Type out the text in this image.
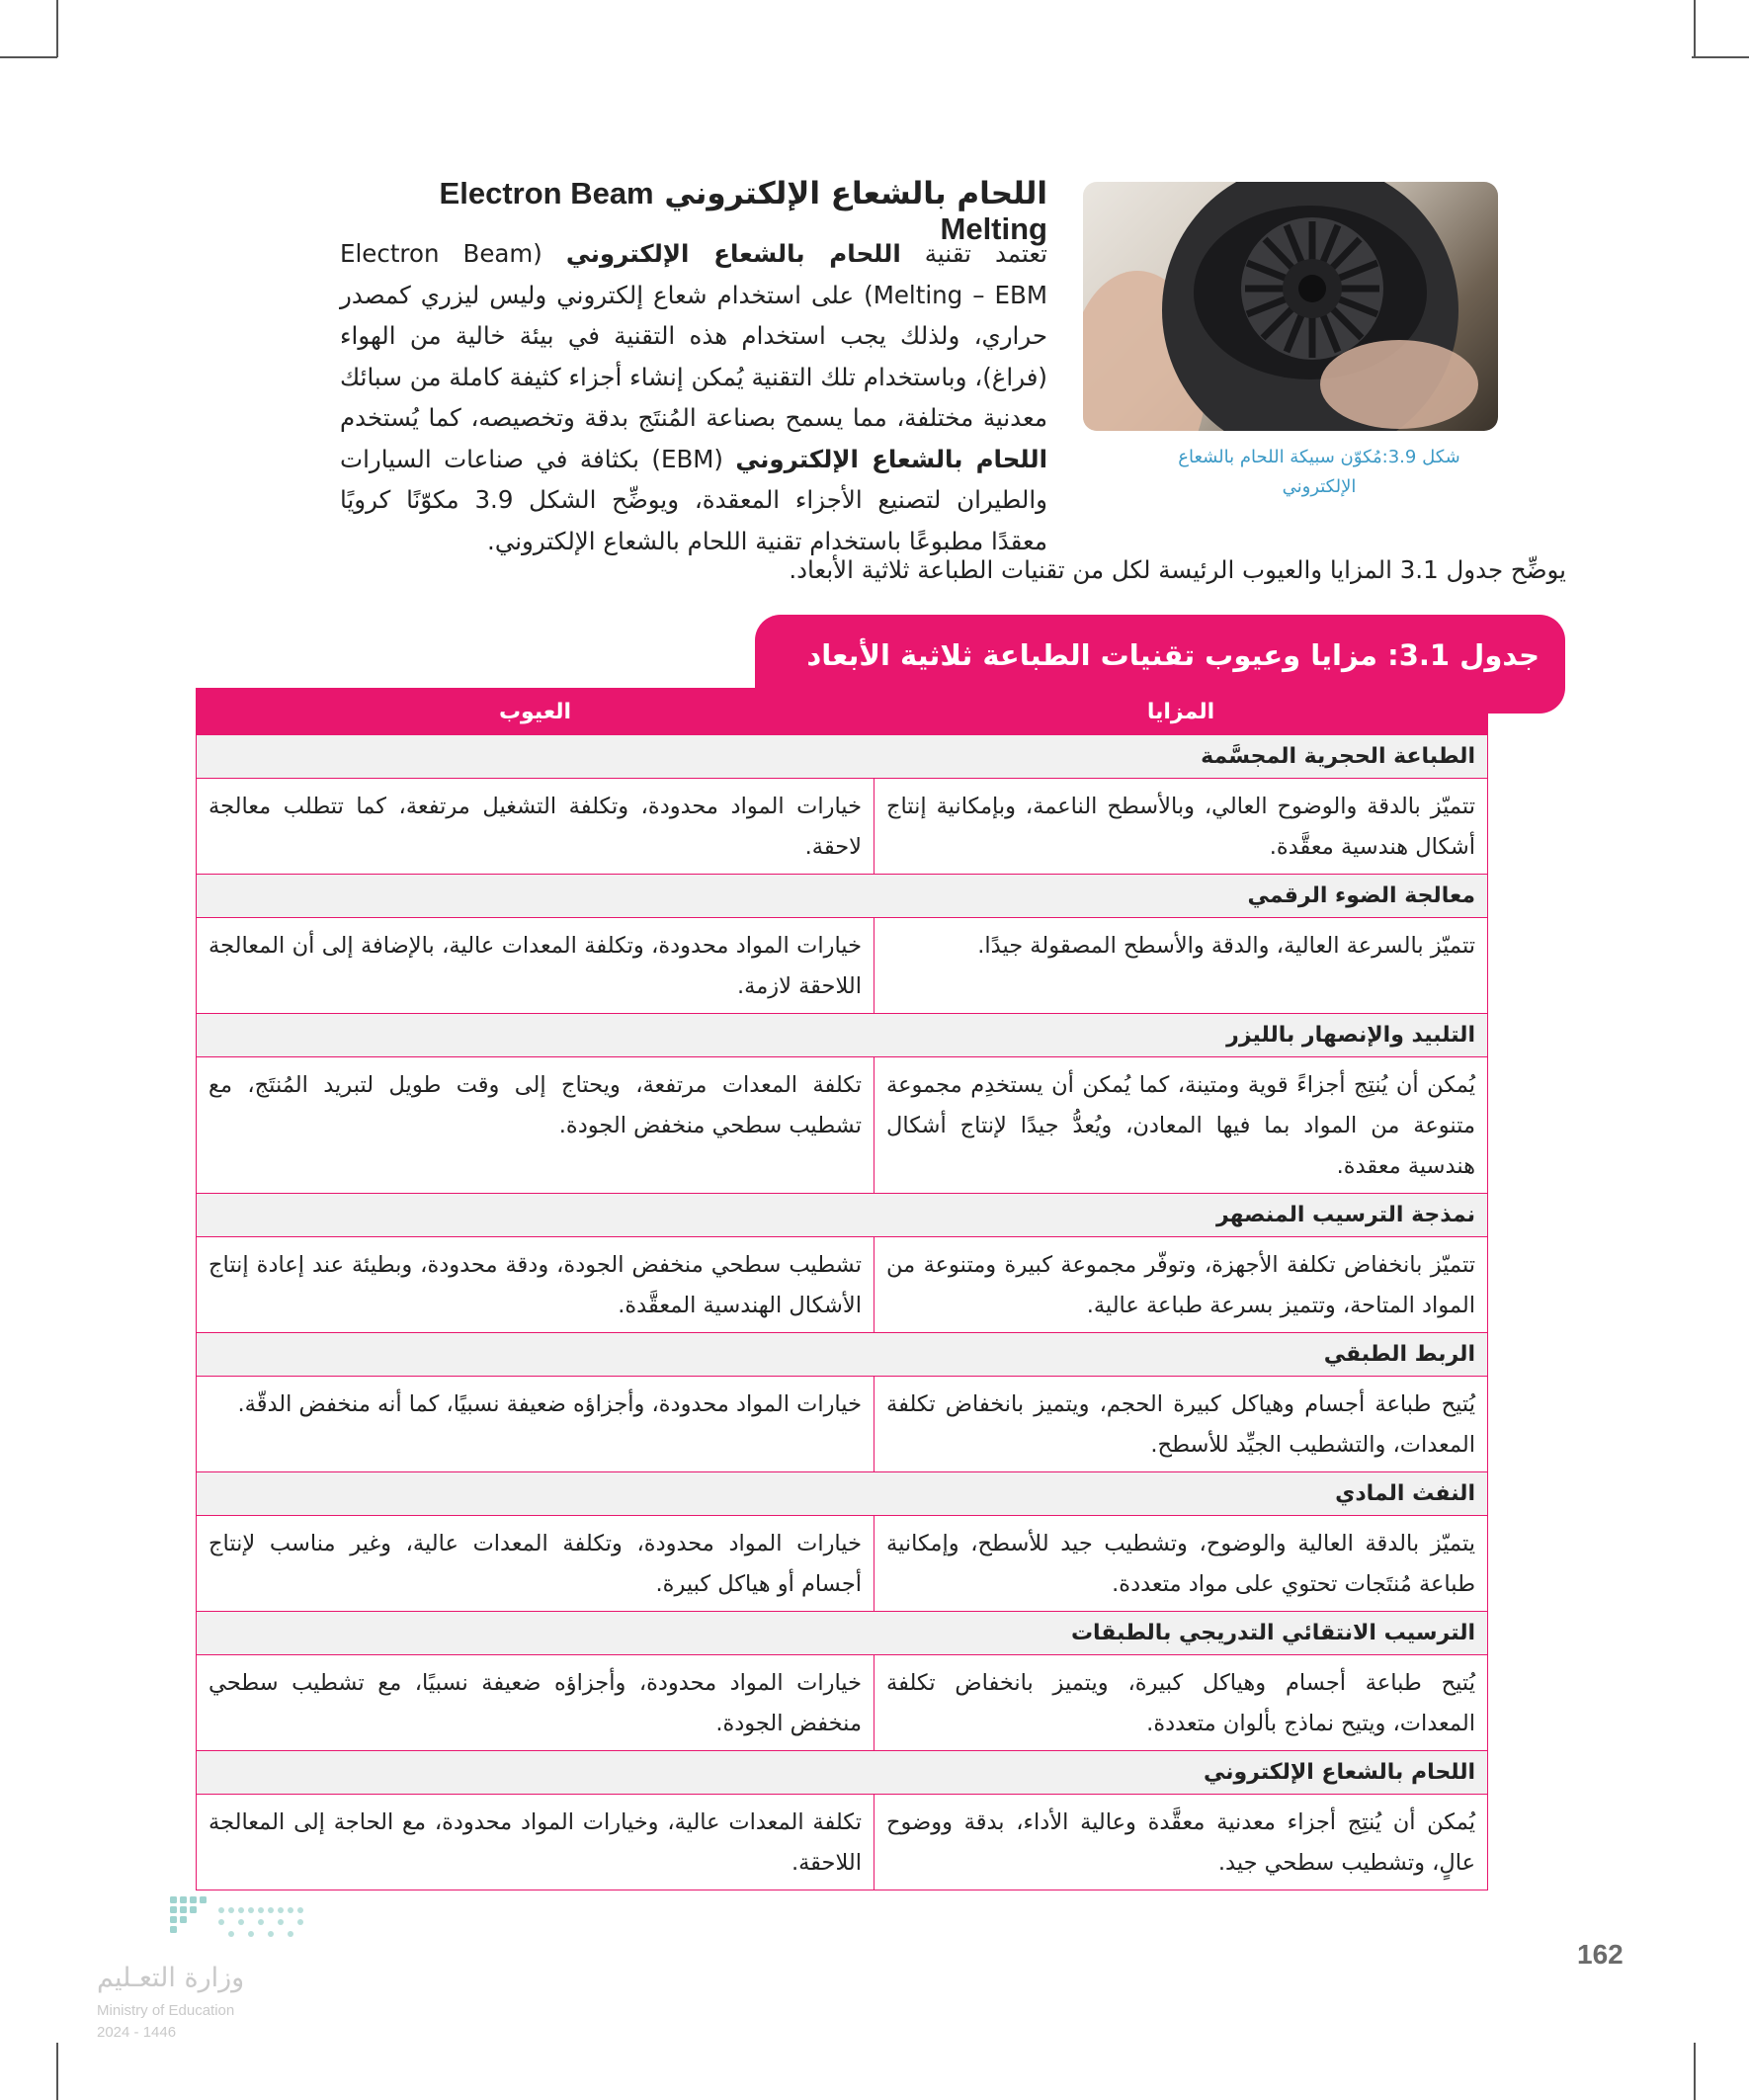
اللحام بالشعاع الإلكتروني Electron Beam Melting

تعتمد تقنية اللحام بالشعاع الإلكتروني (Electron Beam Melting – EBM) على استخدام شعاع إلكتروني وليس ليزري كمصدر حراري، ولذلك يجب استخدام هذه التقنية في بيئة خالية من الهواء (فراغ)، وباستخدام تلك التقنية يُمكن إنشاء أجزاء كثيفة كاملة من سبائك معدنية مختلفة، مما يسمح بصناعة المُنتَج بدقة وتخصيصه، كما يُستخدم اللحام بالشعاع الإلكتروني (EBM) بكثافة في صناعات السيارات والطيران لتصنيع الأجزاء المعقدة، ويوضِّح الشكل 3.9 مكوّنًا كرويًا معقدًا مطبوعًا باستخدام تقنية اللحام بالشعاع الإلكتروني.

شكل 3.9:مُكوّن سبيكة اللحام بالشعاع الإلكتروني

يوضِّح جدول 3.1 المزايا والعيوب الرئيسة لكل من تقنيات الطباعة ثلاثية الأبعاد.

جدول 3.1: مزايا وعيوب تقنيات الطباعة ثلاثية الأبعاد
المزايا	العيوب
الطباعة الحجرية المجسَّمة	
تتميّز بالدقة والوضوح العالي، وبالأسطح الناعمة، وبإمكانية إنتاج أشكال هندسية معقَّدة.	خيارات المواد محدودة، وتكلفة التشغيل مرتفعة، كما تتطلب معالجة لاحقة.
معالجة الضوء الرقمي	
تتميّز بالسرعة العالية، والدقة والأسطح المصقولة جيدًا.	خيارات المواد محدودة، وتكلفة المعدات عالية، بالإضافة إلى أن المعالجة اللاحقة لازمة.
التلبيد والإنصهار بالليزر	
يُمكن أن يُنتِج أجزاءً قوية ومتينة، كما يُمكن أن يستخدِم مجموعة متنوعة من المواد بما فيها المعادن، ويُعدُّ جيدًا لإنتاج أشكال هندسية معقدة.	تكلفة المعدات مرتفعة، ويحتاج إلى وقت طويل لتبريد المُنتَج، مع تشطيب سطحي منخفض الجودة.
نمذجة الترسيب المنصهر	
تتميّز بانخفاض تكلفة الأجهزة، وتوفّر مجموعة كبيرة ومتنوعة من المواد المتاحة، وتتميز بسرعة طباعة عالية.	تشطيب سطحي منخفض الجودة، ودقة محدودة، وبطيئة عند إعادة إنتاج الأشكال الهندسية المعقَّدة.
الربط الطبقي	
يُتيح طباعة أجسام وهياكل كبيرة الحجم، ويتميز بانخفاض تكلفة المعدات، والتشطيب الجيِّد للأسطح.	خيارات المواد محدودة، وأجزاؤه ضعيفة نسبيًا، كما أنه منخفض الدقّة.
النفث المادي	
يتميّز بالدقة العالية والوضوح، وتشطيب جيد للأسطح، وإمكانية طباعة مُنتَجات تحتوي على مواد متعددة.	خيارات المواد محدودة، وتكلفة المعدات عالية، وغير مناسب لإنتاج أجسام أو هياكل كبيرة.
الترسيب الانتقائي التدريجي بالطبقات	
يُتيح طباعة أجسام وهياكل كبيرة، ويتميز بانخفاض تكلفة المعدات، ويتيح نماذج بألوان متعددة.	خيارات المواد محدودة، وأجزاؤه ضعيفة نسبيًا، مع تشطيب سطحي منخفض الجودة.
اللحام بالشعاع الإلكتروني	
يُمكن أن يُنتِج أجزاء معدنية معقَّدة وعالية الأداء، بدقة ووضوح عالٍ، وتشطيب سطحي جيد.	تكلفة المعدات عالية، وخيارات المواد محدودة، مع الحاجة إلى المعالجة اللاحقة.
162
وزارة التعـليم
Ministry of Education
2024 - 1446
